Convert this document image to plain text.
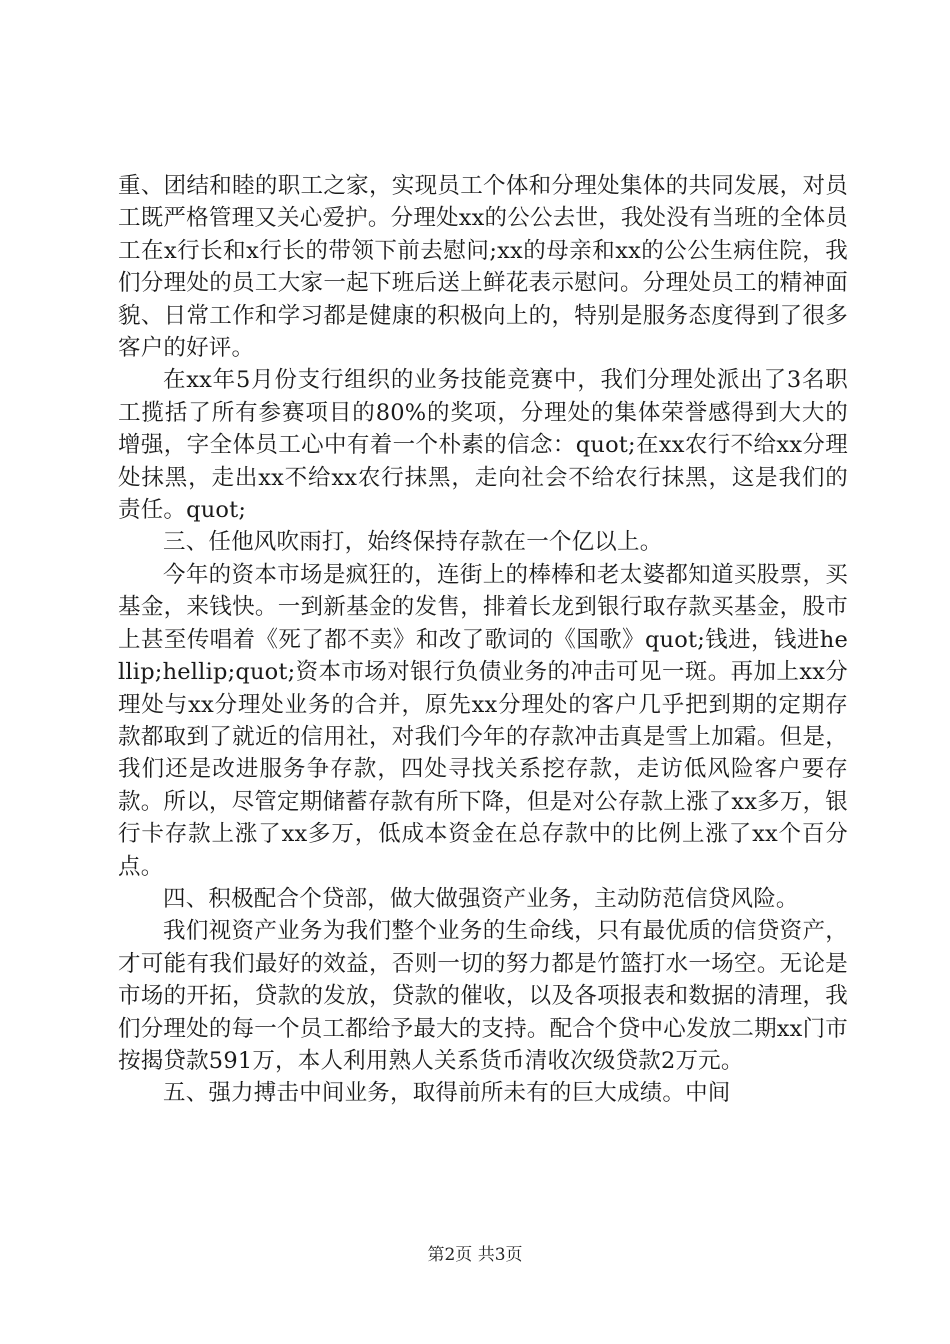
重、团结和睦的职工之家，实现员工个体和分理处集体的共同发展，对员工既严格管理又关心爱护。分理处xx的公公去世，我处没有当班的全体员工在x行长和x行长的带领下前去慰问;xx的母亲和xx的公公生病住院，我们分理处的员工大家一起下班后送上鲜花表示慰问。分理处员工的精神面貌、日常工作和学习都是健康的积极向上的，特别是服务态度得到了很多客户的好评。

在xx年5月份支行组织的业务技能竞赛中，我们分理处派出了3名职工揽括了所有参赛项目的80%的奖项，分理处的集体荣誉感得到大大的增强，字全体员工心中有着一个朴素的信念：quot;在xx农行不给xx分理处抹黑，走出xx不给xx农行抹黑，走向社会不给农行抹黑，这是我们的责任。quot;

三、任他风吹雨打，始终保持存款在一个亿以上。

今年的资本市场是疯狂的，连街上的棒棒和老太婆都知道买股票，买基金，来钱快。一到新基金的发售，排着长龙到银行取存款买基金，股市上甚至传唱着《死了都不卖》和改了歌词的《国歌》quot;钱进，钱进hellip;hellip;quot;资本市场对银行负债业务的冲击可见一斑。再加上xx分理处与xx分理处业务的合并，原先xx分理处的客户几乎把到期的定期存款都取到了就近的信用社，对我们今年的存款冲击真是雪上加霜。但是，我们还是改进服务争存款，四处寻找关系挖存款，走访低风险客户要存款。所以，尽管定期储蓄存款有所下降，但是对公存款上涨了xx多万，银行卡存款上涨了xx多万，低成本资金在总存款中的比例上涨了xx个百分点。

四、积极配合个贷部，做大做强资产业务，主动防范信贷风险。

我们视资产业务为我们整个业务的生命线，只有最优质的信贷资产，才可能有我们最好的效益，否则一切的努力都是竹篮打水一场空。无论是市场的开拓，贷款的发放，贷款的催收，以及各项报表和数据的清理，我们分理处的每一个员工都给予最大的支持。配合个贷中心发放二期xx门市按揭贷款591万，本人利用熟人关系货币清收次级贷款2万元。

五、强力搏击中间业务，取得前所未有的巨大成绩。中间

第2页 共3页
